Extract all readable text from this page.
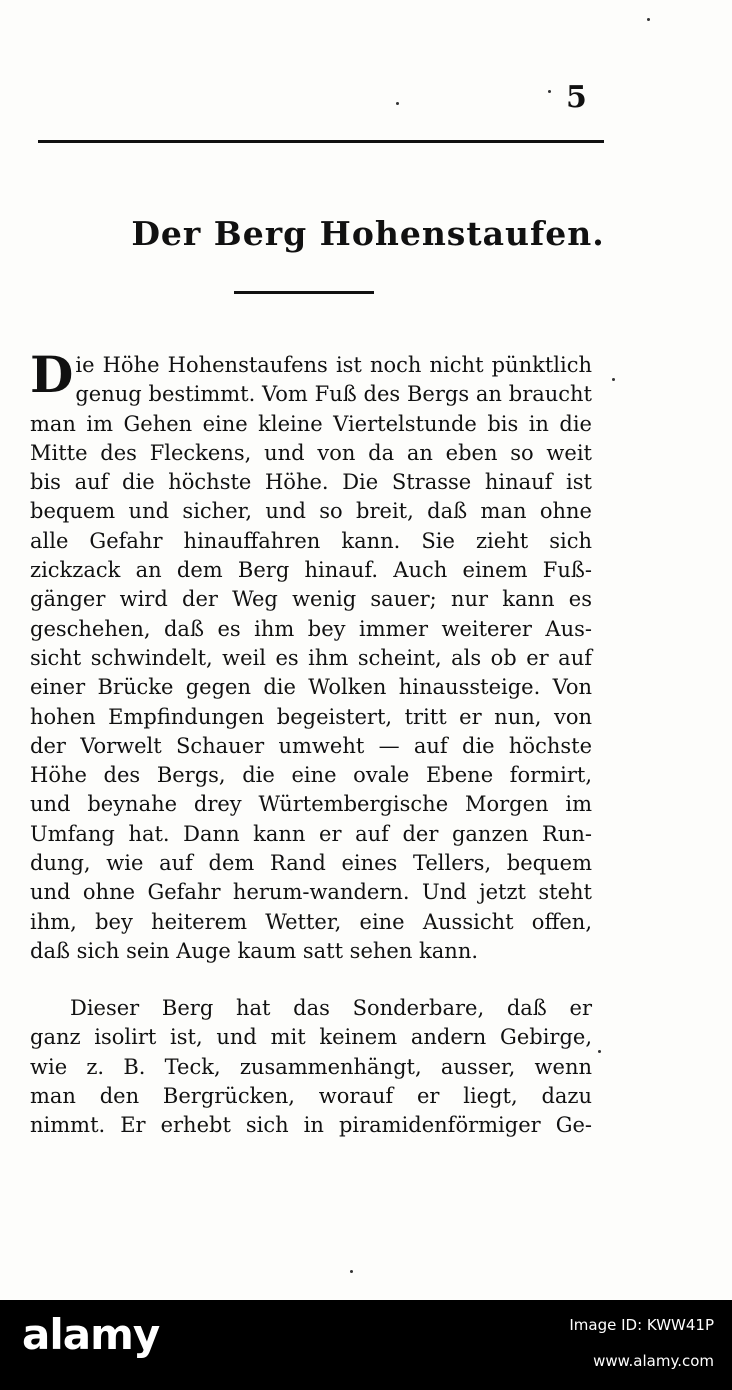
5
Der Berg Hohenstaufen.
D ie Höhe Hohenstaufens ist noch nicht pünktlich
genug bestimmt. Vom Fuß des Bergs an braucht
man im Gehen eine kleine Viertelstunde bis in die
Mitte des Fleckens, und von da an eben so weit
bis auf die höchste Höhe. Die Strasse hinauf ist
bequem und sicher, und so breit, daß man ohne
alle Gefahr hinauffahren kann. Sie zieht sich
zickzack an dem Berg hinauf. Auch einem Fuß-
gänger wird der Weg wenig sauer; nur kann es
geschehen, daß es ihm bey immer weiterer Aus-
sicht schwindelt, weil es ihm scheint, als ob er auf
einer Brücke gegen die Wolken hinaussteige. Von
hohen Empfindungen begeistert, tritt er nun, von
der Vorwelt Schauer umweht — auf die höchste
Höhe des Bergs, die eine ovale Ebene formirt,
und beynahe drey Würtembergische Morgen im
Umfang hat. Dann kann er auf der ganzen Run-
dung, wie auf dem Rand eines Tellers, bequem
und ohne Gefahr herum-wandern. Und jetzt steht
ihm, bey heiterem Wetter, eine Aussicht offen,
daß sich sein Auge kaum satt sehen kann.
Dieser Berg hat das Sonderbare, daß er
ganz isolirt ist, und mit keinem andern Gebirge,
wie z. B. Teck, zusammenhängt, ausser, wenn
man den Bergrücken, worauf er liegt, dazu
nimmt. Er erhebt sich in piramidenförmiger Ge-
alamy	Image ID: KWW41P
www.alamy.com
